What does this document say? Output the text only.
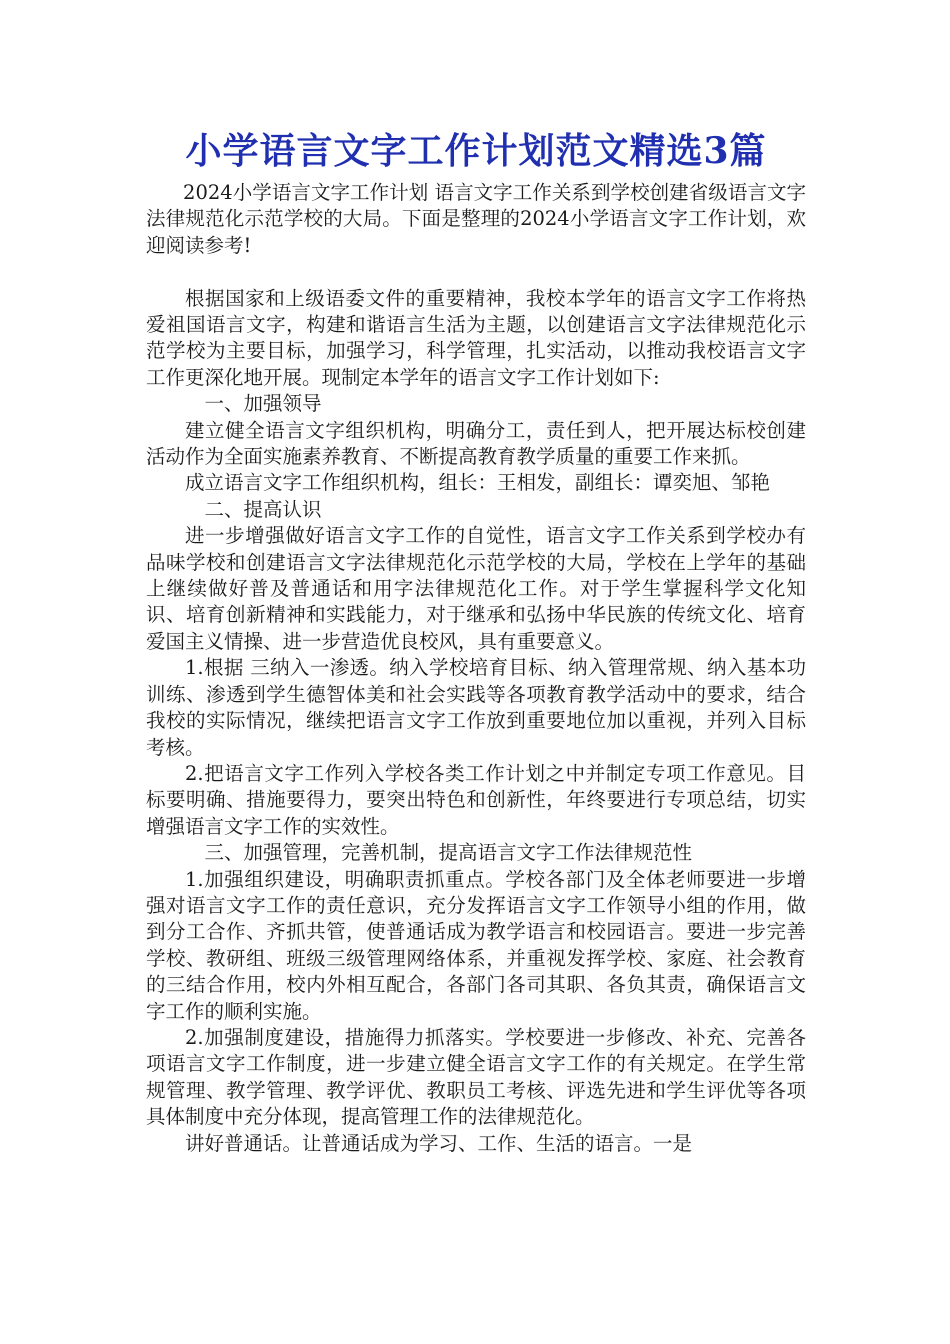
小学语言文字工作计划范文精选3篇

2024小学语言文字工作计划 语言文字工作关系到学校创建省级语言文字法律规范化示范学校的大局。下面是整理的2024小学语言文字工作计划，欢迎阅读参考!

根据国家和上级语委文件的重要精神，我校本学年的语言文字工作将热爱祖国语言文字，构建和谐语言生活为主题，以创建语言文字法律规范化示范学校为主要目标，加强学习，科学管理，扎实活动，以推动我校语言文字工作更深化地开展。现制定本学年的语言文字工作计划如下:

一、加强领导

建立健全语言文字组织机构，明确分工，责任到人，把开展达标校创建活动作为全面实施素养教育、不断提高教育教学质量的重要工作来抓。

成立语言文字工作组织机构，组长：王相发，副组长：谭奕旭、邹艳

二、提高认识

进一步增强做好语言文字工作的自觉性，语言文字工作关系到学校办有品味学校和创建语言文字法律规范化示范学校的大局，学校在上学年的基础上继续做好普及普通话和用字法律规范化工作。对于学生掌握科学文化知识、培育创新精神和实践能力，对于继承和弘扬中华民族的传统文化、培育爱国主义情操、进一步营造优良校风，具有重要意义。

1.根据 三纳入一渗透。纳入学校培育目标、纳入管理常规、纳入基本功训练、渗透到学生德智体美和社会实践等各项教育教学活动中的要求，结合我校的实际情况，继续把语言文字工作放到重要地位加以重视，并列入目标考核。

2.把语言文字工作列入学校各类工作计划之中并制定专项工作意见。目标要明确、措施要得力，要突出特色和创新性，年终要进行专项总结，切实增强语言文字工作的实效性。

三、加强管理，完善机制，提高语言文字工作法律规范性

1.加强组织建设，明确职责抓重点。学校各部门及全体老师要进一步增强对语言文字工作的责任意识，充分发挥语言文字工作领导小组的作用，做到分工合作、齐抓共管，使普通话成为教学语言和校园语言。要进一步完善学校、教研组、班级三级管理网络体系，并重视发挥学校、家庭、社会教育的三结合作用，校内外相互配合，各部门各司其职、各负其责，确保语言文字工作的顺利实施。

2.加强制度建设，措施得力抓落实。学校要进一步修改、补充、完善各项语言文字工作制度，进一步建立健全语言文字工作的有关规定。在学生常规管理、教学管理、教学评优、教职员工考核、评选先进和学生评优等各项具体制度中充分体现，提高管理工作的法律规范化。

讲好普通话。让普通话成为学习、工作、生活的语言。一是
